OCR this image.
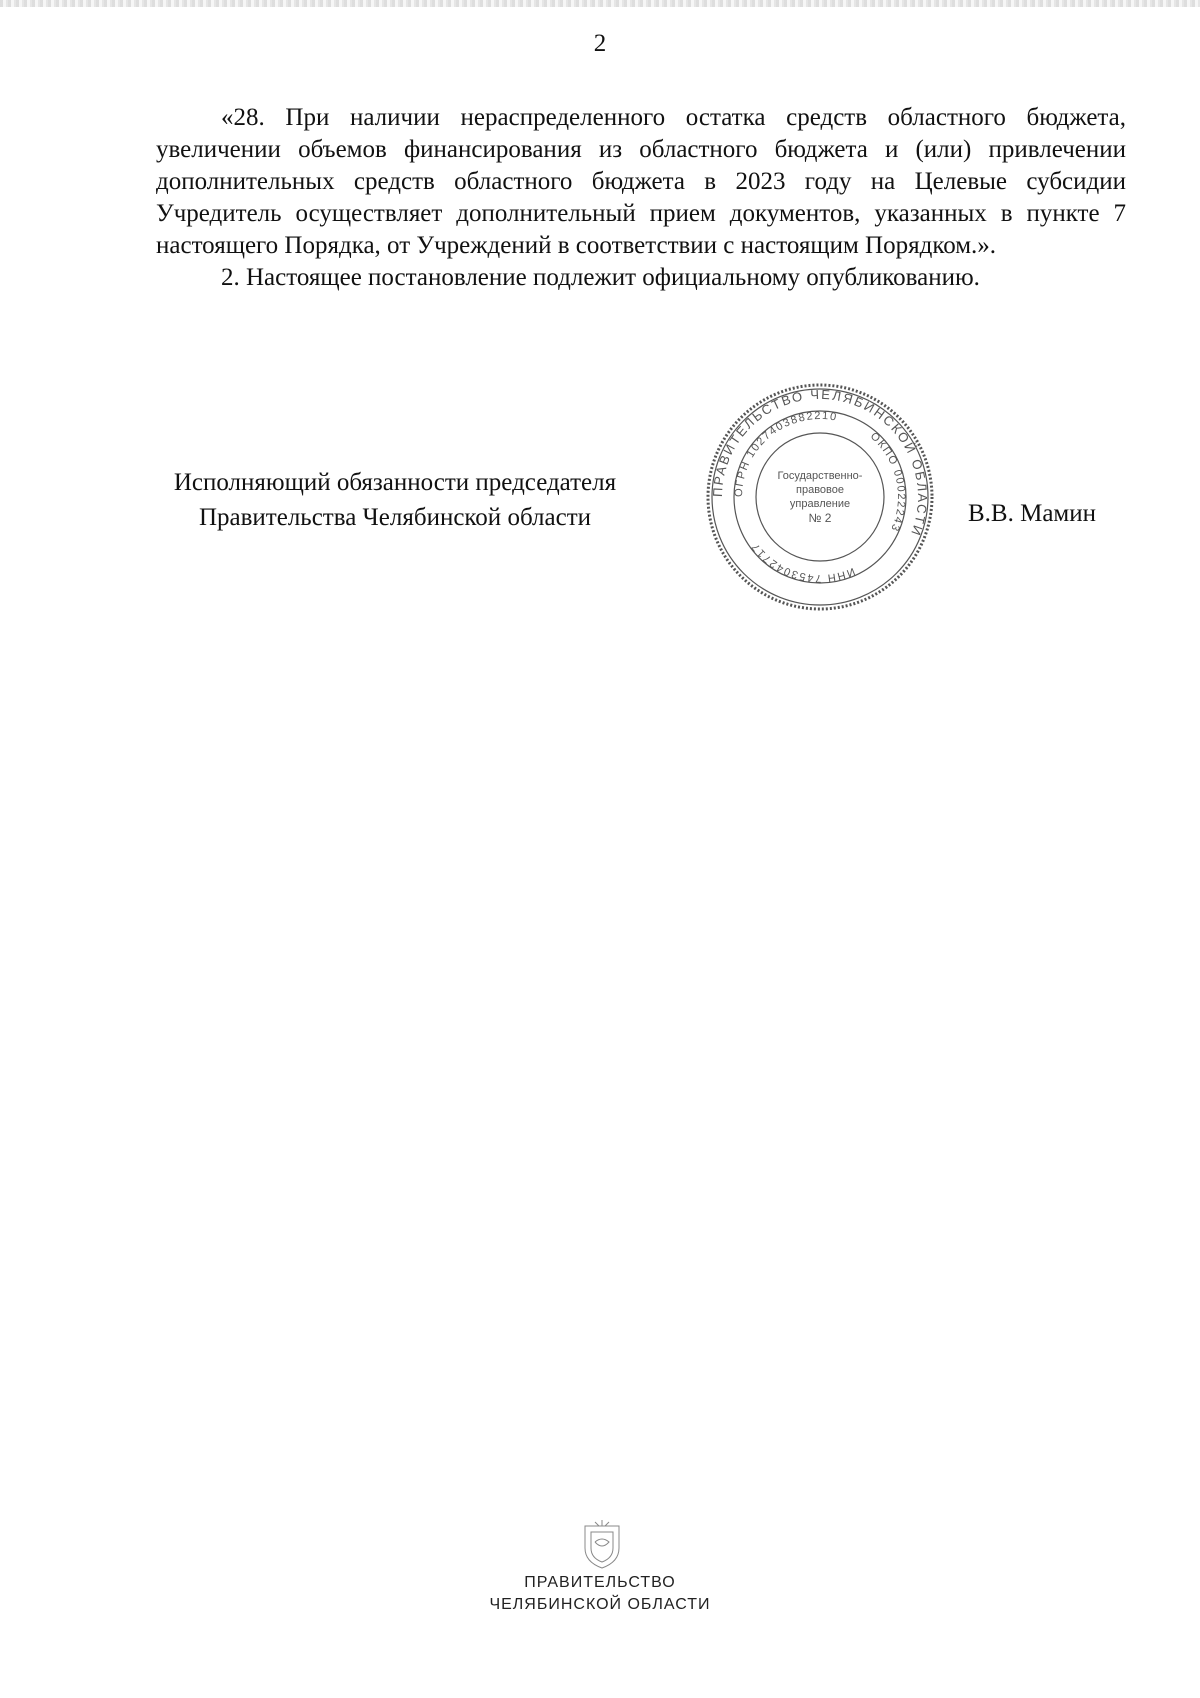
2

«28. При наличии нераспределенного остатка средств областного бюджета, увеличении объемов финансирования из областного бюджета и (или) привлечении дополнительных средств областного бюджета в 2023 году на Целевые субсидии Учредитель осуществляет дополнительный прием документов, указанных в пункте 7 настоящего Порядка, от Учреждений в соответствии с настоящим Порядком.».

2. Настоящее постановление подлежит официальному опубликованию.

Исполняющий обязанности председателя
Правительства Челябинской области	В.В. Мамин
ПРАВИТЕЛЬСТВО ЧЕЛЯБИНСКОЙ ОБЛАСТИ
ОГРН 1027403882210
ОКПО 00022243
ИНН 7453042717
Государственно-
правовое
управление
№ 2
ПРАВИТЕЛЬСТВО
ЧЕЛЯБИНСКОЙ ОБЛАСТИ
